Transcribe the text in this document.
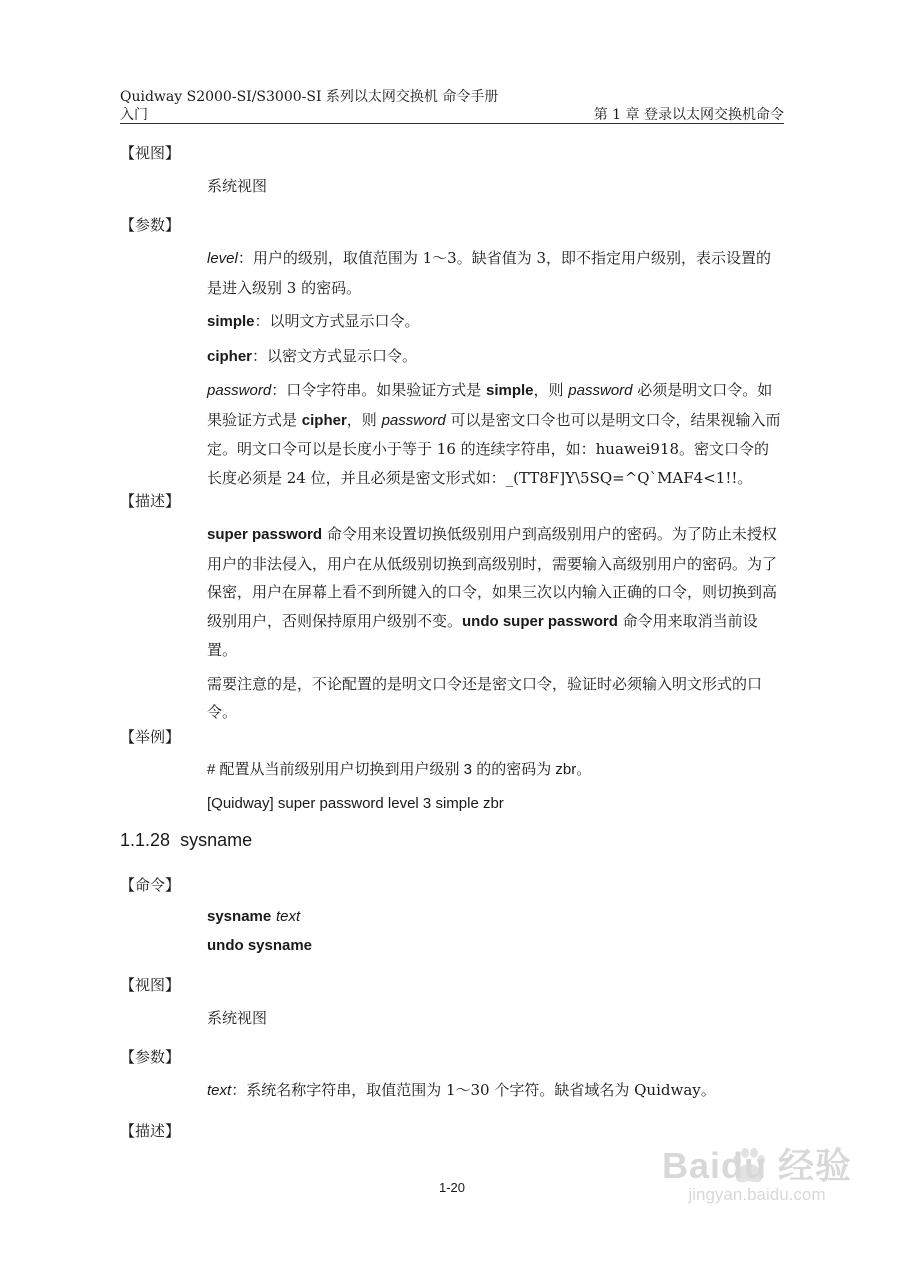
Quidway S2000-SI/S3000-SI 系列以太网交换机 命令手册
入门	第 1 章 登录以太网交换机命令
【视图】

系统视图

【参数】

level：用户的级别，取值范围为 1～3。缺省值为 3，即不指定用户级别，表示设置的是进入级别 3 的密码。

simple：以明文方式显示口令。

cipher：以密文方式显示口令。

password：口令字符串。如果验证方式是 simple，则 password 必须是明文口令。如果验证方式是 cipher，则 password 可以是密文口令也可以是明文口令，结果视输入而定。明文口令可以是长度小于等于 16 的连续字符串，如：huawei918。密文口令的长度必须是 24 位，并且必须是密文形式如：_(TT8F]Y\5SQ=^Q`MAF4<1!!。

【描述】

super password 命令用来设置切换低级别用户到高级别用户的密码。为了防止未授权用户的非法侵入，用户在从低级别切换到高级别时，需要输入高级别用户的密码。为了保密，用户在屏幕上看不到所键入的口令，如果三次以内输入正确的口令，则切换到高级别用户，否则保持原用户级别不变。undo super password 命令用来取消当前设置。

需要注意的是，不论配置的是明文口令还是密文口令，验证时必须输入明文形式的口令。

【举例】

# 配置从当前级别用户切换到用户级别 3 的的密码为 zbr。

[Quidway] super password level 3 simple zbr

1.1.28 sysname
【命令】

sysname text

undo sysname

【视图】

系统视图

【参数】

text：系统名称字符串，取值范围为 1～30 个字符。缺省域名为 Quidway。

【描述】
1-20
Baidu 经验
jingyan.baidu.com
